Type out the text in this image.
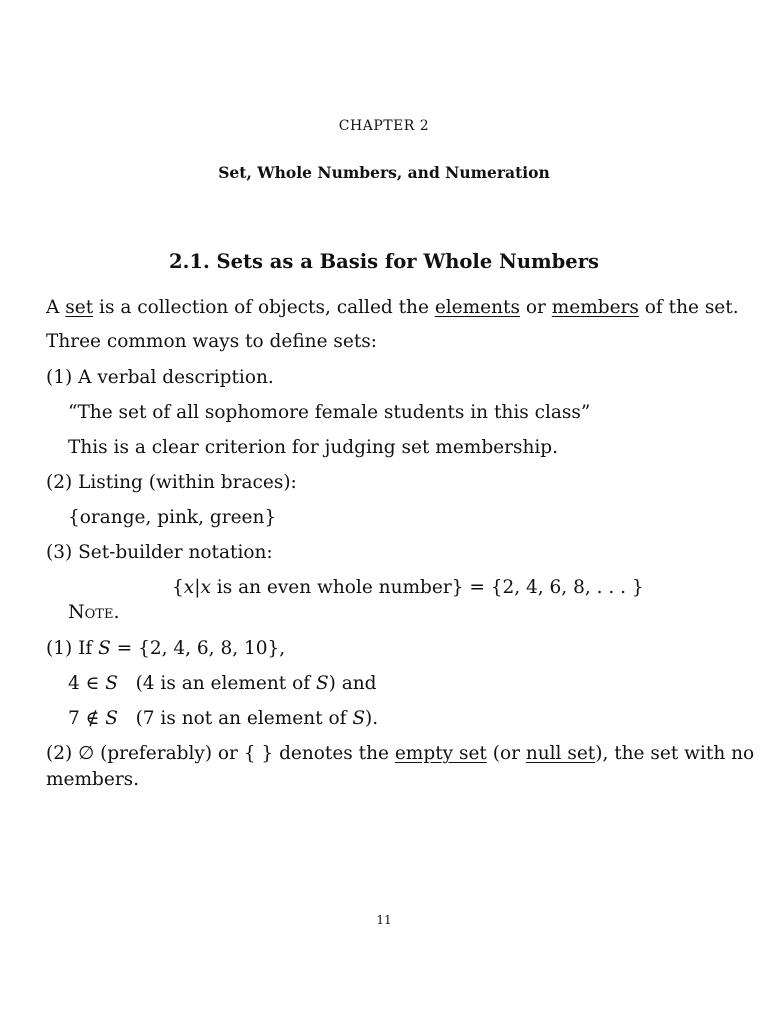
CHAPTER 2
Set, Whole Numbers, and Numeration
2.1. Sets as a Basis for Whole Numbers
A set is a collection of objects, called the elements or members of the set.
Three common ways to define sets:
(1) A verbal description.
“The set of all sophomore female students in this class”
This is a clear criterion for judging set membership.
(2) Listing (within braces):
{orange, pink, green}
(3) Set-builder notation:
{x|x is an even whole number} = {2, 4, 6, 8, . . . }
Note.
(1) If S = {2, 4, 6, 8, 10},
4 ∈ S   (4 is an element of S) and
7 ∉ S   (7 is not an element of S).
(2) ∅ (preferably) or { } denotes the empty set (or null set), the set with no
members.
11
